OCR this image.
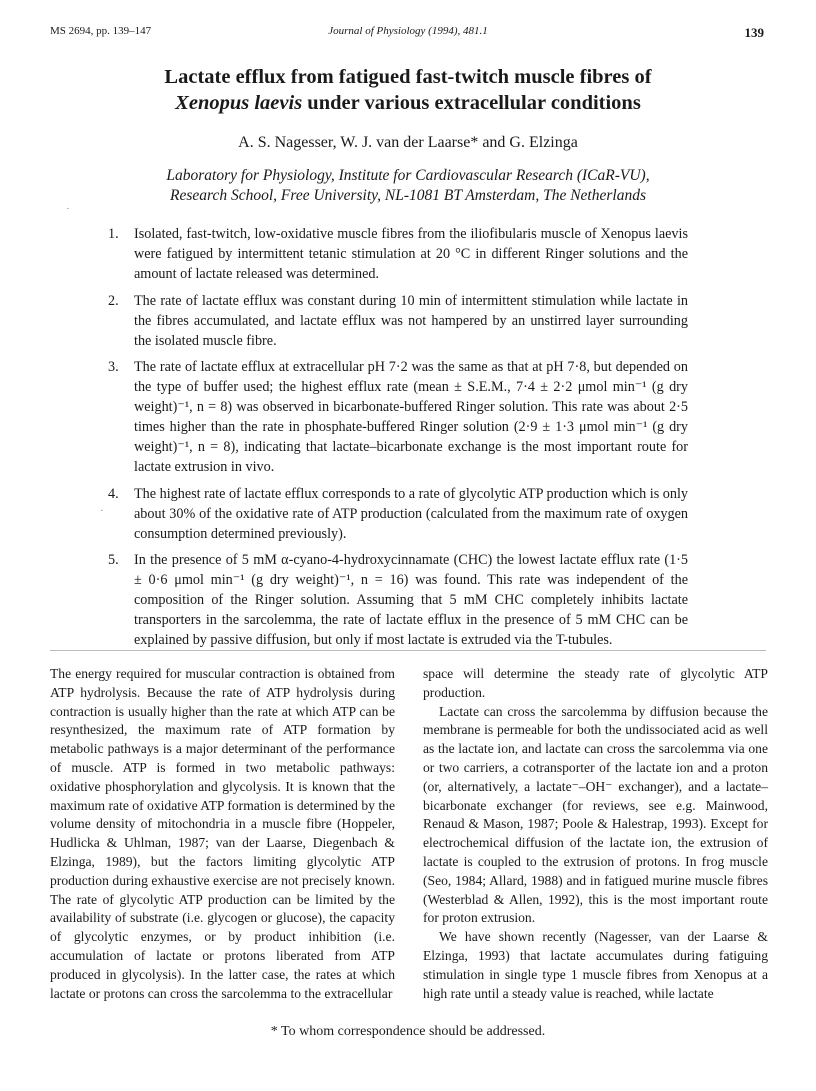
MS 2694, pp. 139–147	Journal of Physiology (1994), 481.1	139
Lactate efflux from fatigued fast-twitch muscle fibres of
Xenopus laevis under various extracellular conditions
A. S. Nagesser, W. J. van der Laarse* and G. Elzinga
Laboratory for Physiology, Institute for Cardiovascular Research (ICaR-VU),
Research School, Free University, NL-1081 BT Amsterdam, The Netherlands
·
·
1. Isolated, fast-twitch, low-oxidative muscle fibres from the iliofibularis muscle of Xenopus laevis were fatigued by intermittent tetanic stimulation at 20 °C in different Ringer solutions and the amount of lactate released was determined.
2. The rate of lactate efflux was constant during 10 min of intermittent stimulation while lactate in the fibres accumulated, and lactate efflux was not hampered by an unstirred layer surrounding the isolated muscle fibre.
3. The rate of lactate efflux at extracellular pH 7·2 was the same as that at pH 7·8, but depended on the type of buffer used; the highest efflux rate (mean ± S.E.M., 7·4 ± 2·2 μmol min⁻¹ (g dry weight)⁻¹, n = 8) was observed in bicarbonate-buffered Ringer solution. This rate was about 2·5 times higher than the rate in phosphate-buffered Ringer solution (2·9 ± 1·3 μmol min⁻¹ (g dry weight)⁻¹, n = 8), indicating that lactate–bicarbonate exchange is the most important route for lactate extrusion in vivo.
4. The highest rate of lactate efflux corresponds to a rate of glycolytic ATP production which is only about 30% of the oxidative rate of ATP production (calculated from the maximum rate of oxygen consumption determined previously).
5. In the presence of 5 mM α-cyano-4-hydroxycinnamate (CHC) the lowest lactate efflux rate (1·5 ± 0·6 μmol min⁻¹ (g dry weight)⁻¹, n = 16) was found. This rate was independent of the composition of the Ringer solution. Assuming that 5 mM CHC completely inhibits lactate transporters in the sarcolemma, the rate of lactate efflux in the presence of 5 mM CHC can be explained by passive diffusion, but only if most lactate is extruded via the T-tubules.

The energy required for muscular contraction is obtained from ATP hydrolysis. Because the rate of ATP hydrolysis during contraction is usually higher than the rate at which ATP can be resynthesized, the maximum rate of ATP formation by metabolic pathways is a major determinant of the performance of muscle. ATP is formed in two metabolic pathways: oxidative phosphorylation and glycolysis. It is known that the maximum rate of oxidative ATP formation is determined by the volume density of mitochondria in a muscle fibre (Hoppeler, Hudlicka & Uhlman, 1987; van der Laarse, Diegenbach & Elzinga, 1989), but the factors limiting glycolytic ATP production during exhaustive exercise are not precisely known. The rate of glycolytic ATP production can be limited by the availability of substrate (i.e. glycogen or glucose), the capacity of glycolytic enzymes, or by product inhibition (i.e. accumulation of lactate or protons liberated from ATP produced in glycolysis). In the latter case, the rates at which lactate or protons can cross the sarcolemma to the extracellular

space will determine the steady rate of glycolytic ATP production.

Lactate can cross the sarcolemma by diffusion because the membrane is permeable for both the undissociated acid as well as the lactate ion, and lactate can cross the sarcolemma via one or two carriers, a cotransporter of the lactate ion and a proton (or, alternatively, a lactate⁻–OH⁻ exchanger), and a lactate–bicarbonate exchanger (for reviews, see e.g. Mainwood, Renaud & Mason, 1987; Poole & Halestrap, 1993). Except for electrochemical diffusion of the lactate ion, the extrusion of lactate is coupled to the extrusion of protons. In frog muscle (Seo, 1984; Allard, 1988) and in fatigued murine muscle fibres (Westerblad & Allen, 1992), this is the most important route for proton extrusion.

We have shown recently (Nagesser, van der Laarse & Elzinga, 1993) that lactate accumulates during fatiguing stimulation in single type 1 muscle fibres from Xenopus at a high rate until a steady value is reached, while lactate

* To whom correspondence should be addressed.
